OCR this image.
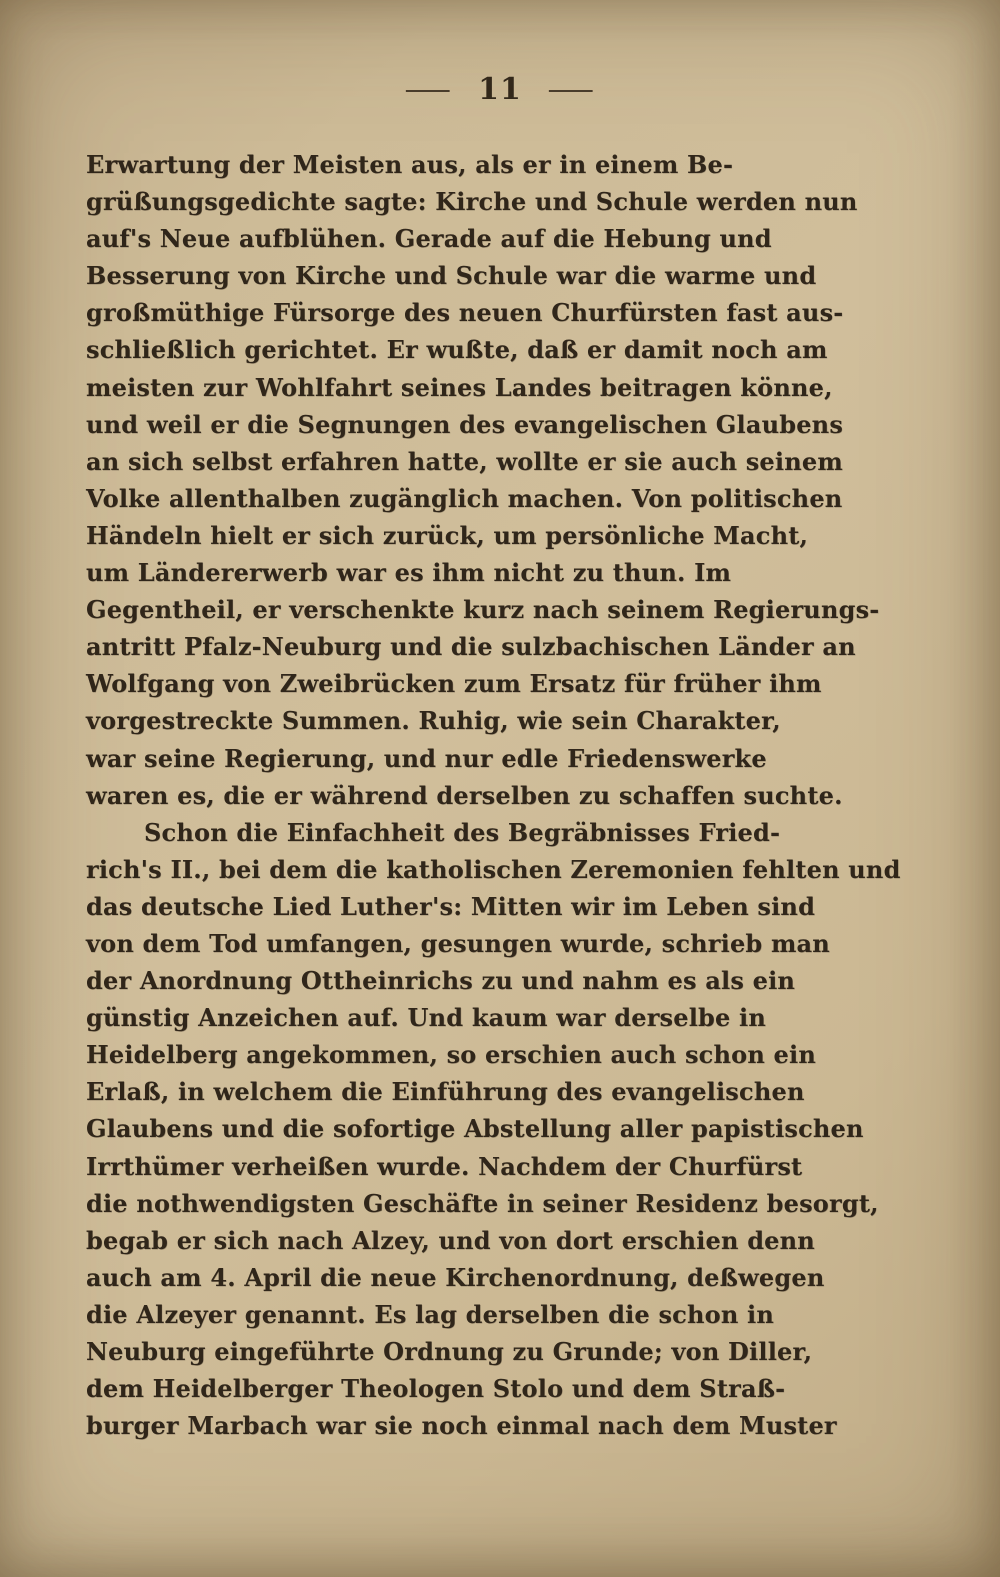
— 11 —
Erwartung der Meisten aus, als er in einem Be-
grüßungsgedichte sagte: Kirche und Schule werden nun
auf's Neue aufblühen. Gerade auf die Hebung und
Besserung von Kirche und Schule war die warme und
großmüthige Fürsorge des neuen Churfürsten fast aus-
schließlich gerichtet. Er wußte, daß er damit noch am
meisten zur Wohlfahrt seines Landes beitragen könne,
und weil er die Segnungen des evangelischen Glaubens
an sich selbst erfahren hatte, wollte er sie auch seinem
Volke allenthalben zugänglich machen. Von politischen
Händeln hielt er sich zurück, um persönliche Macht,
um Ländererwerb war es ihm nicht zu thun. Im
Gegentheil, er verschenkte kurz nach seinem Regierungs-
antritt Pfalz-Neuburg und die sulzbachischen Länder an
Wolfgang von Zweibrücken zum Ersatz für früher ihm
vorgestreckte Summen. Ruhig, wie sein Charakter,
war seine Regierung, und nur edle Friedenswerke
waren es, die er während derselben zu schaffen suchte.
Schon die Einfachheit des Begräbnisses Fried-
rich's II., bei dem die katholischen Zeremonien fehlten und
das deutsche Lied Luther's: Mitten wir im Leben sind
von dem Tod umfangen, gesungen wurde, schrieb man
der Anordnung Ottheinrichs zu und nahm es als ein
günstig Anzeichen auf. Und kaum war derselbe in
Heidelberg angekommen, so erschien auch schon ein
Erlaß, in welchem die Einführung des evangelischen
Glaubens und die sofortige Abstellung aller papistischen
Irrthümer verheißen wurde. Nachdem der Churfürst
die nothwendigsten Geschäfte in seiner Residenz besorgt,
begab er sich nach Alzey, und von dort erschien denn
auch am 4. April die neue Kirchenordnung, deßwegen
die Alzeyer genannt. Es lag derselben die schon in
Neuburg eingeführte Ordnung zu Grunde; von Diller,
dem Heidelberger Theologen Stolo und dem Straß-
burger Marbach war sie noch einmal nach dem Muster
